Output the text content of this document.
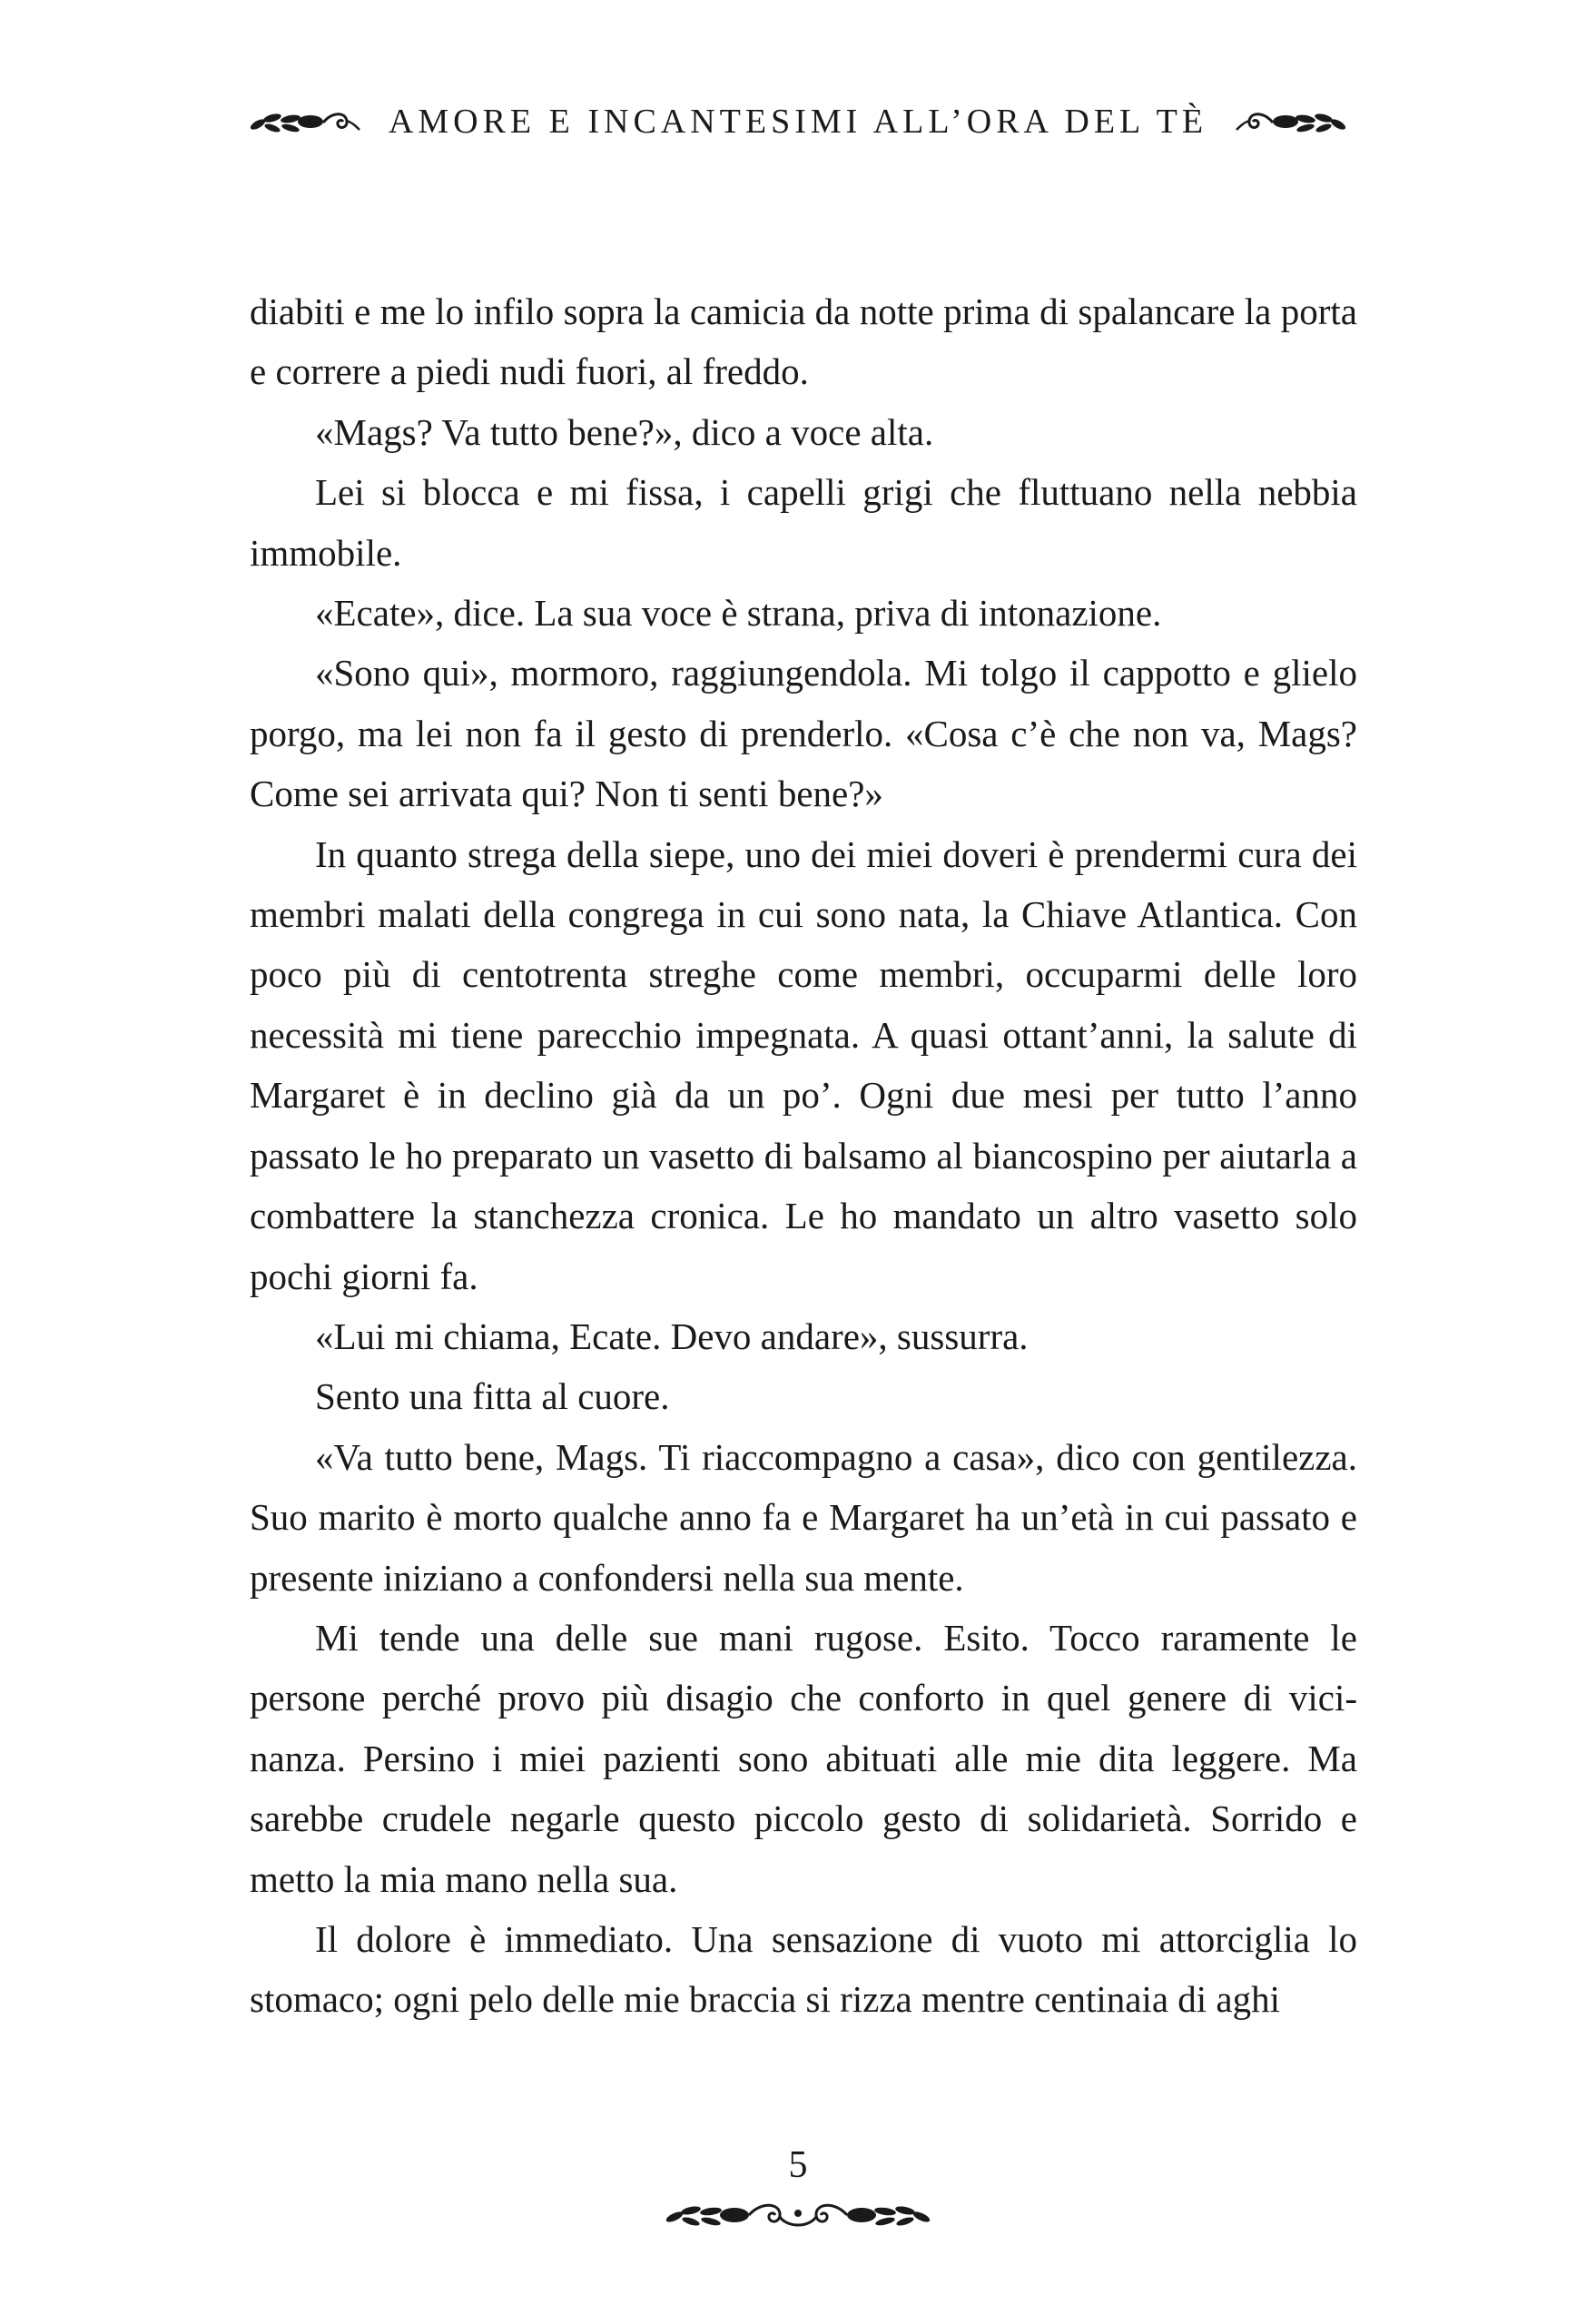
AMORE E INCANTESIMI ALL’ORA DEL TÈ

diabiti e me lo infilo sopra la camicia da notte prima di spalancare la porta e correre a piedi nudi fuori, al freddo.

«Mags? Va tutto bene?», dico a voce alta.

Lei si blocca e mi fissa, i capelli grigi che fluttuano nella nebbia immobile.

«Ecate», dice. La sua voce è strana, priva di intonazione.

«Sono qui», mormoro, raggiungendola. Mi tolgo il cappotto e glielo porgo, ma lei non fa il gesto di prenderlo. «Cosa c’è che non va, Mags? Come sei arrivata qui? Non ti senti bene?»

In quanto strega della siepe, uno dei miei doveri è prendermi cura dei membri malati della congrega in cui sono nata, la Chiave Atlantica. Con poco più di centotrenta streghe come membri, occuparmi delle loro necessità mi tiene parecchio impegnata. A quasi ottant’anni, la salute di Margaret è in declino già da un po’. Ogni due mesi per tutto l’anno passato le ho preparato un vasetto di balsamo al biancospino per aiutarla a combattere la stanchezza cronica. Le ho mandato un altro vasetto solo pochi giorni fa.

«Lui mi chiama, Ecate. Devo andare», sussurra.

Sento una fitta al cuore.

«Va tutto bene, Mags. Ti riaccompagno a casa», dico con gentilezza. Suo marito è morto qualche anno fa e Margaret ha un’età in cui passato e presente iniziano a confondersi nella sua mente.

Mi tende una delle sue mani rugose. Esito. Tocco raramente le persone perché provo più disagio che conforto in quel genere di vicinanza. Persino i miei pazienti sono abituati alle mie dita leggere. Ma sarebbe crudele negarle questo piccolo gesto di solidarietà. Sorrido e metto la mia mano nella sua.

Il dolore è immediato. Una sensazione di vuoto mi attorciglia lo stomaco; ogni pelo delle mie braccia si rizza mentre centinaia di aghi

5
